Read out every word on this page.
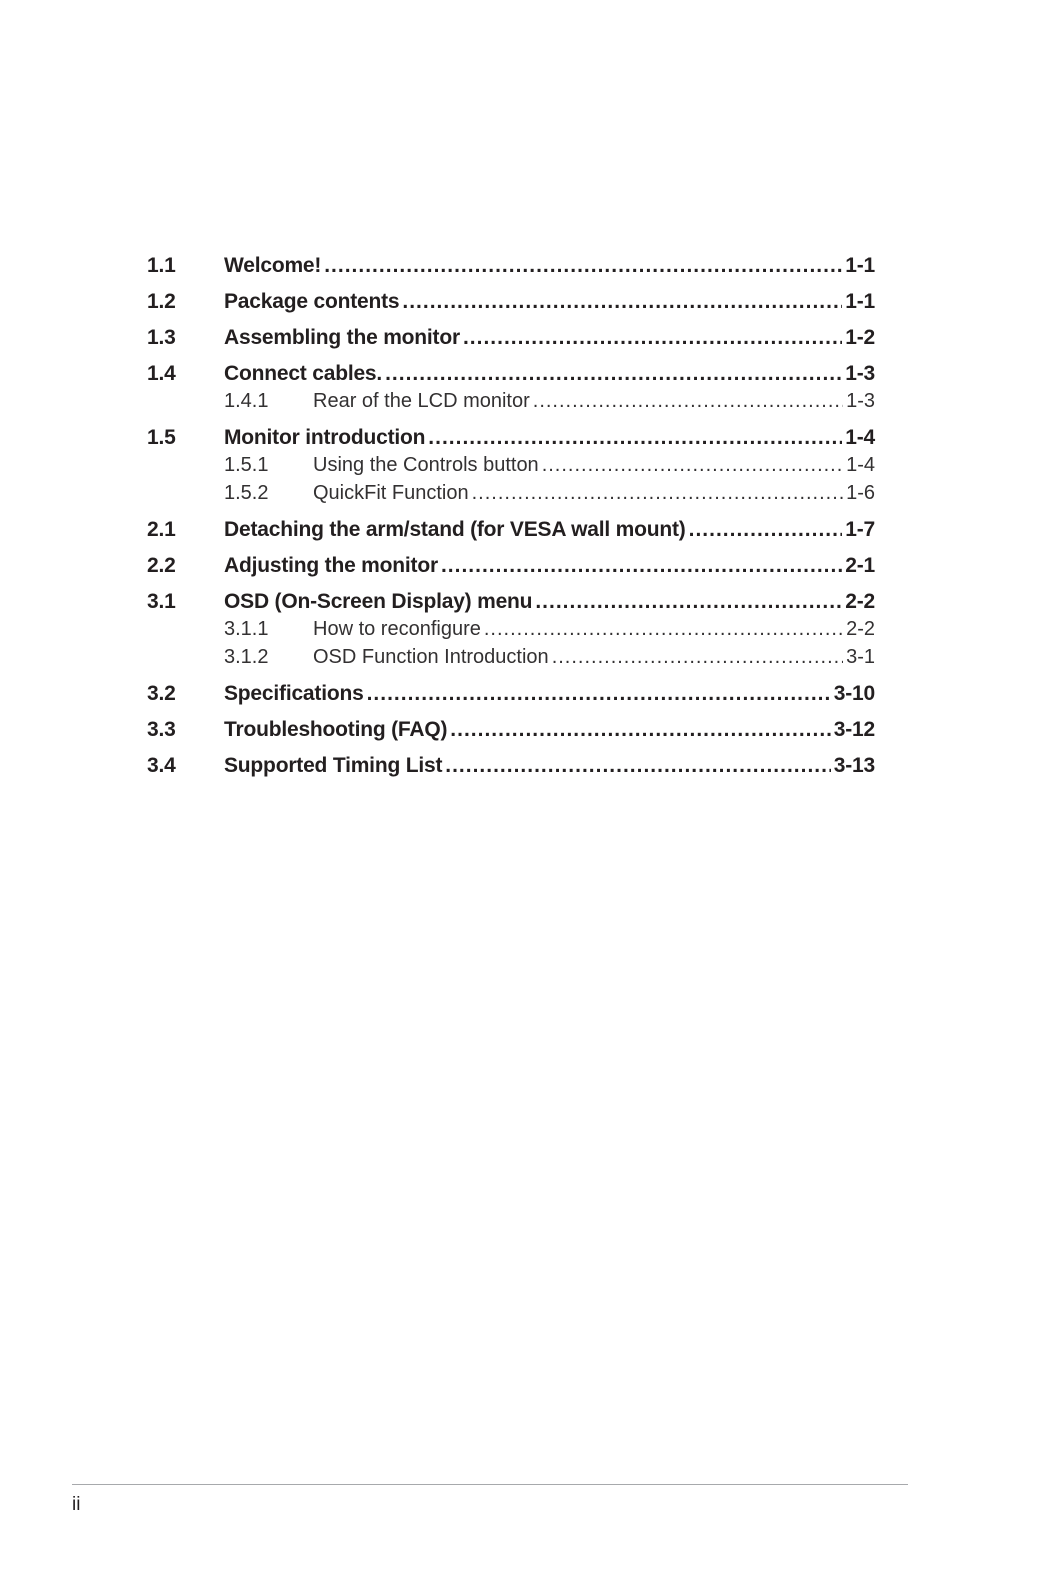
1.1	Welcome! .....	1-1
1.2	Package contents .....	1-1
1.3	Assembling the monitor .....	1-2
1.4	Connect cables. .....	1-3
1.4.1	Rear of the LCD monitor .....	1-3
1.5	Monitor introduction .....	1-4
1.5.1	Using the Controls button .....	1-4
1.5.2	QuickFit Function .....	1-6
2.1	Detaching the arm/stand (for VESA wall mount) .....	1-7
2.2	Adjusting the monitor .....	2-1
3.1	OSD (On-Screen Display) menu .....	2-2
3.1.1	How to reconfigure .....	2-2
3.1.2	OSD Function Introduction .....	3-1
3.2	Specifications .....	3-10
3.3	Troubleshooting (FAQ) .....	3-12
3.4	Supported Timing List .....	3-13
ii
